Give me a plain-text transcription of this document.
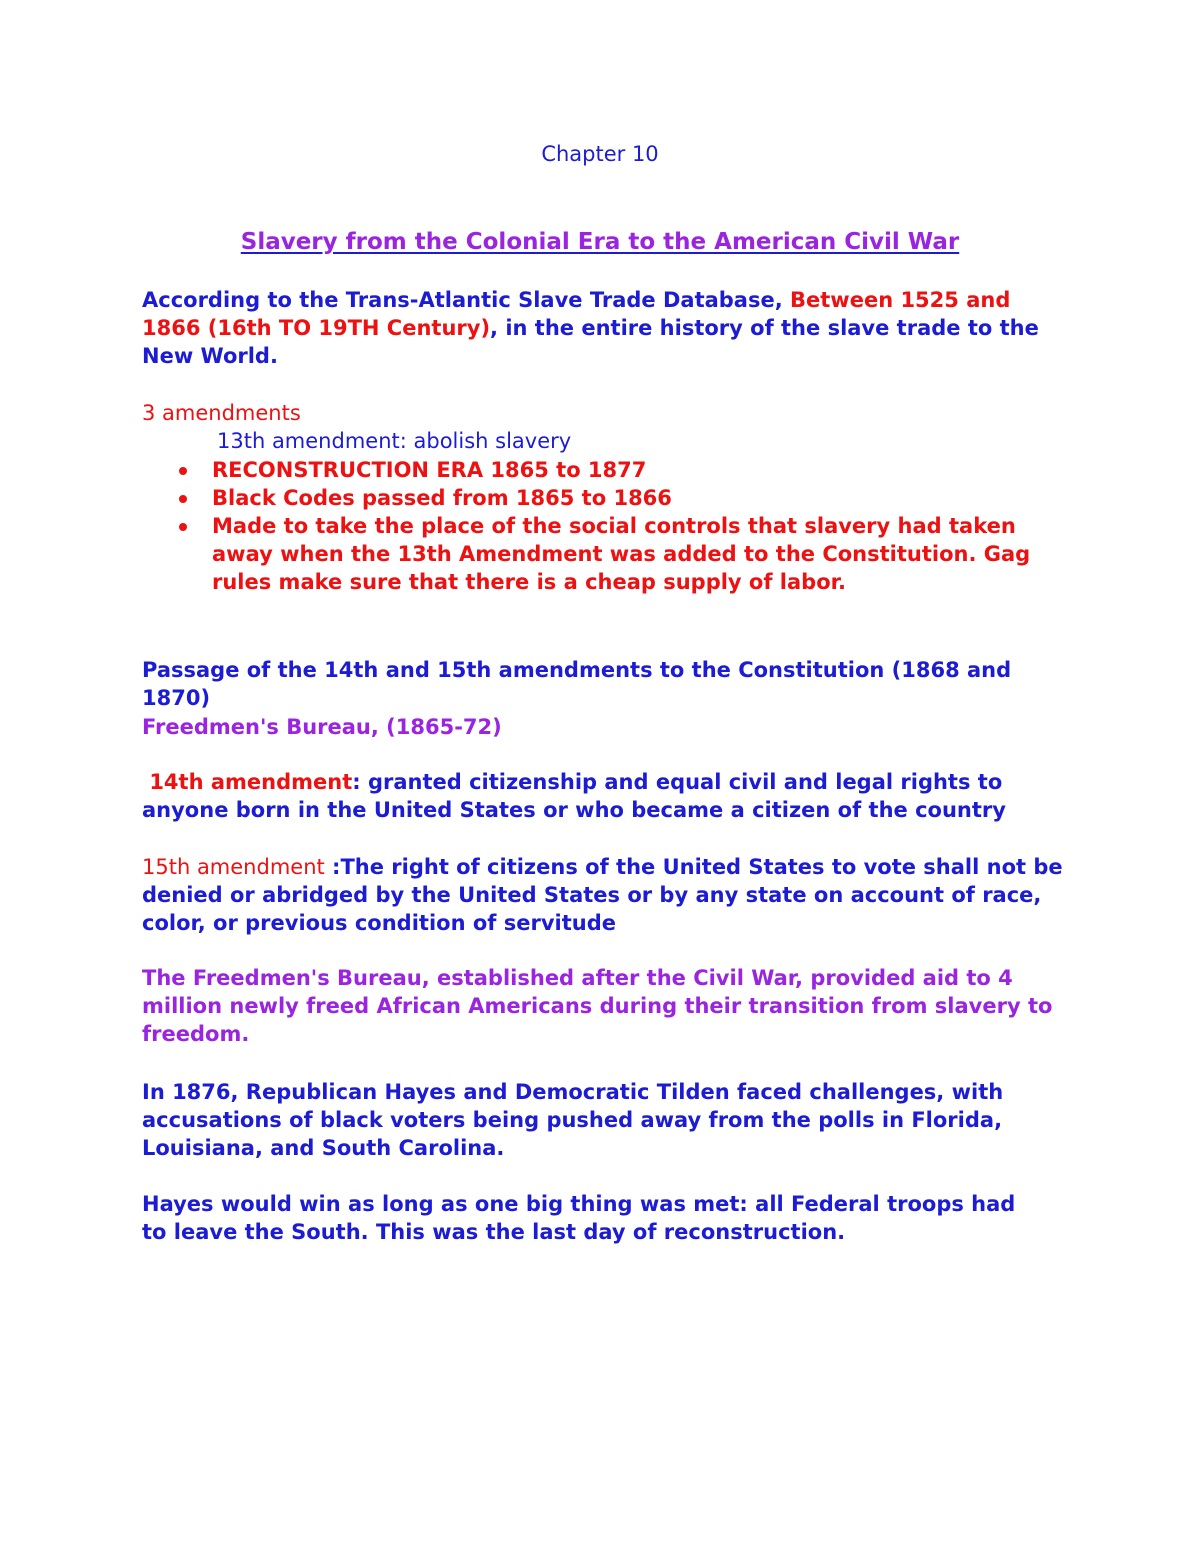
Chapter 10
Slavery from the Colonial Era to the American Civil War

According to the Trans-Atlantic Slave Trade Database, Between 1525 and 1866 (16th TO 19TH Century), in the entire history of the slave trade to the New World.

3 amendments

13th amendment: abolish slavery
RECONSTRUCTION ERA 1865 to 1877
Black Codes passed from 1865 to 1866
Made to take the place of the social controls that slavery had taken away when the 13th Amendment was added to the Constitution. Gag rules make sure that there is a cheap supply of labor.

Passage of the 14th and 15th amendments to the Constitution (1868 and 1870)

Freedmen's Bureau, (1865-72)

14th amendment: granted citizenship and equal civil and legal rights to anyone born in the United States or who became a citizen of the country

15th amendment :The right of citizens of the United States to vote shall not be denied or abridged by the United States or by any state on account of race, color, or previous condition of servitude

The Freedmen's Bureau, established after the Civil War, provided aid to 4 million newly freed African Americans during their transition from slavery to freedom.

In 1876, Republican Hayes and Democratic Tilden faced challenges, with accusations of black voters being pushed away from the polls in Florida, Louisiana, and South Carolina.

Hayes would win as long as one big thing was met: all Federal troops had to leave the South. This was the last day of reconstruction.
